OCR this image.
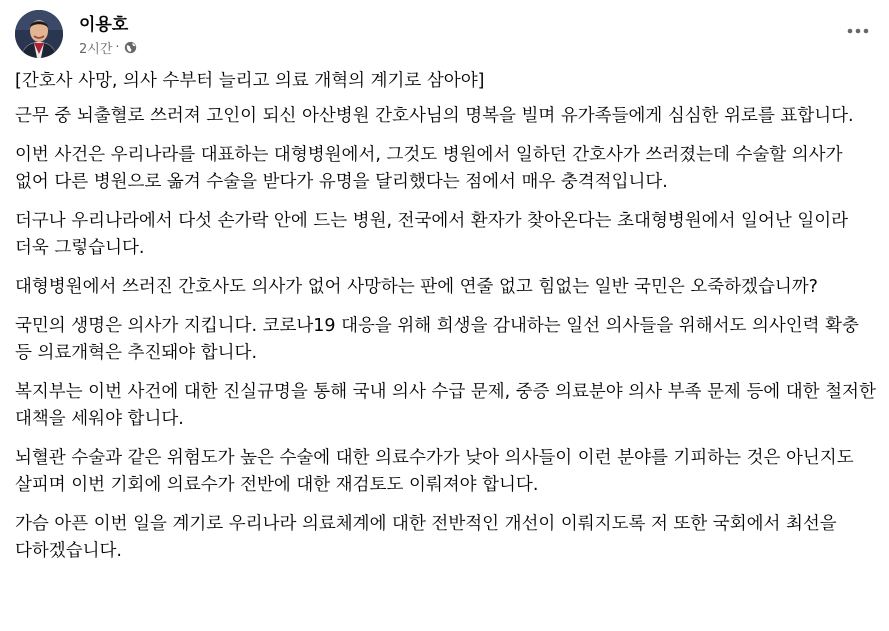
이용호
2시간 ·

[간호사 사망, 의사 수부터 늘리고 의료 개혁의 계기로 삼아야]

근무 중 뇌출혈로 쓰러져 고인이 되신 아산병원 간호사님의 명복을 빌며 유가족들에게 심심한 위로를 표합니다.

이번 사건은 우리나라를 대표하는 대형병원에서, 그것도 병원에서 일하던 간호사가 쓰러졌는데 수술할 의사가 없어 다른 병원으로 옮겨 수술을 받다가 유명을 달리했다는 점에서 매우 충격적입니다.

더구나 우리나라에서 다섯 손가락 안에 드는 병원, 전국에서 환자가 찾아온다는 초대형병원에서 일어난 일이라 더욱 그렇습니다.

대형병원에서 쓰러진 간호사도 의사가 없어 사망하는 판에 연줄 없고 힘없는 일반 국민은 오죽하겠습니까?

국민의 생명은 의사가 지킵니다. 코로나19 대응을 위해 희생을 감내하는 일선 의사들을 위해서도 의사인력 확충 등 의료개혁은 추진돼야 합니다.

복지부는 이번 사건에 대한 진실규명을 통해 국내 의사 수급 문제, 중증 의료분야 의사 부족 문제 등에 대한 철저한 대책을 세워야 합니다.

뇌혈관 수술과 같은 위험도가 높은 수술에 대한 의료수가가 낮아 의사들이 이런 분야를 기피하는 것은 아닌지도 살피며 이번 기회에 의료수가 전반에 대한 재검토도 이뤄져야 합니다.

가슴 아픈 이번 일을 계기로 우리나라 의료체계에 대한 전반적인 개선이 이뤄지도록 저 또한 국회에서 최선을 다하겠습니다.
